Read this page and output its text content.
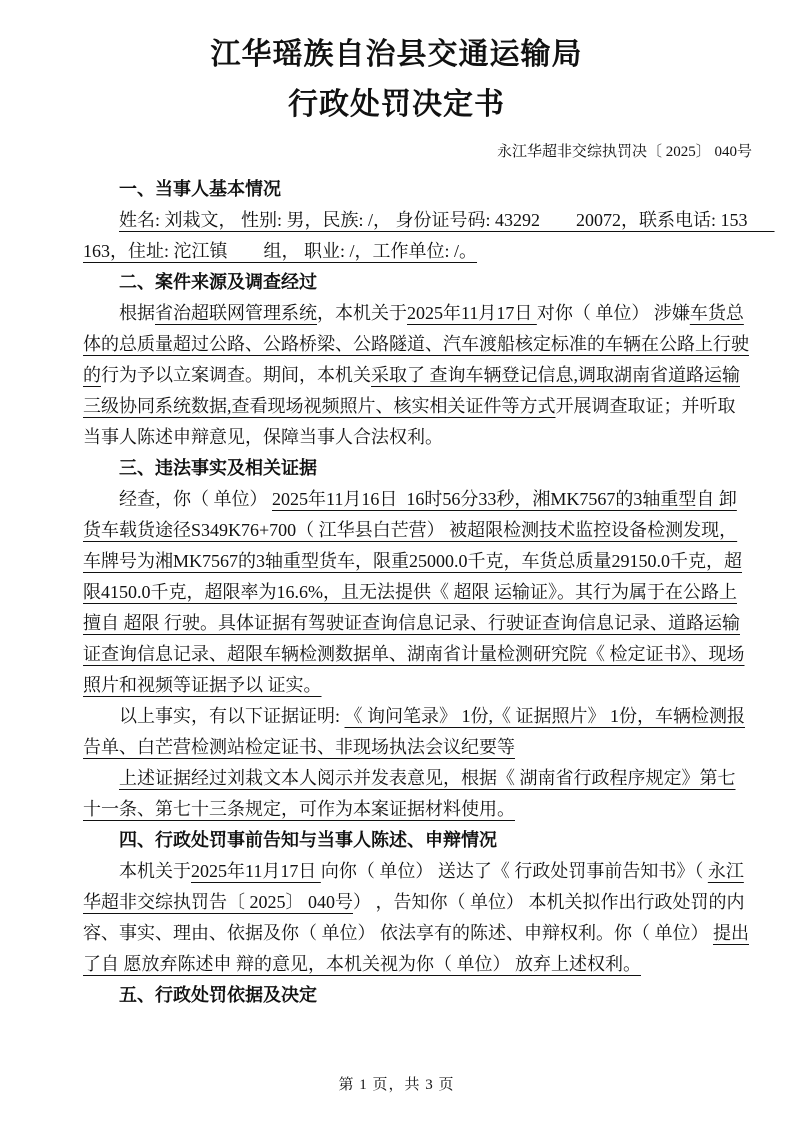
江华瑶族自治县交通运输局
行政处罚决定书
永江华超非交综执罚决〔 2025〕 040号

一、当事人基本情况

姓名: 刘栽文， 性别: 男，民族: /， 身份证号码: 43292        20072，联系电话: 153      163，住址: 沱江镇        组， 职业: /，工作单位: /。

二、案件来源及调查经过

根据省治超联网管理系统，本机关于2025年11月17日 对你（ 单位） 涉嫌车货总体的总质量超过公路、公路桥梁、公路隧道、汽车渡船核定标准的车辆在公路上行驶的行为予以立案调查。期间，本机关采取了 查询车辆登记信息,调取湖南省道路运输三级协同系统数据,查看现场视频照片、核实相关证件等方式开展调查取证；并听取当事人陈述申辩意见，保障当事人合法权利。

三、违法事实及相关证据

经查，你（ 单位） 2025年11月16日  16时56分33秒，湘MK7567的3轴重型自 卸货车载货途径S349K76+700（ 江华县白芒营） 被超限检测技术监控设备检测发现，车牌号为湘MK7567的3轴重型货车，限重25000.0千克，车货总质量29150.0千克，超限4150.0千克，超限率为16.6%，且无法提供《 超限 运输证》。其行为属于在公路上擅自 超限 行驶。具体证据有驾驶证查询信息记录、行驶证查询信息记录、道路运输证查询信息记录、超限车辆检测数据单、湖南省计量检测研究院《 检定证书》、现场照片和视频等证据予以 证实。

以上事实，有以下证据证明: 《 询问笔录》 1份,《 证据照片》 1份，车辆检测报告单、白芒营检测站检定证书、非现场执法会议纪要等

上述证据经过刘栽文本人阅示并发表意见，根据《 湖南省行政程序规定》第七十一条、第七十三条规定，可作为本案证据材料使用。

四、行政处罚事前告知与当事人陈述、申辩情况

本机关于2025年11月17日 向你（ 单位） 送达了《 行政处罚事前告知书》（ 永江华超非交综执罚告〔 2025〕 040号） ，告知你（ 单位） 本机关拟作出行政处罚的内容、事实、理由、依据及你（ 单位） 依法享有的陈述、申辩权利。你（ 单位） 提出了自 愿放弃陈述申 辩的意见，本机关视为你（ 单位） 放弃上述权利。

五、行政处罚依据及决定

第 1 页，共 3 页
